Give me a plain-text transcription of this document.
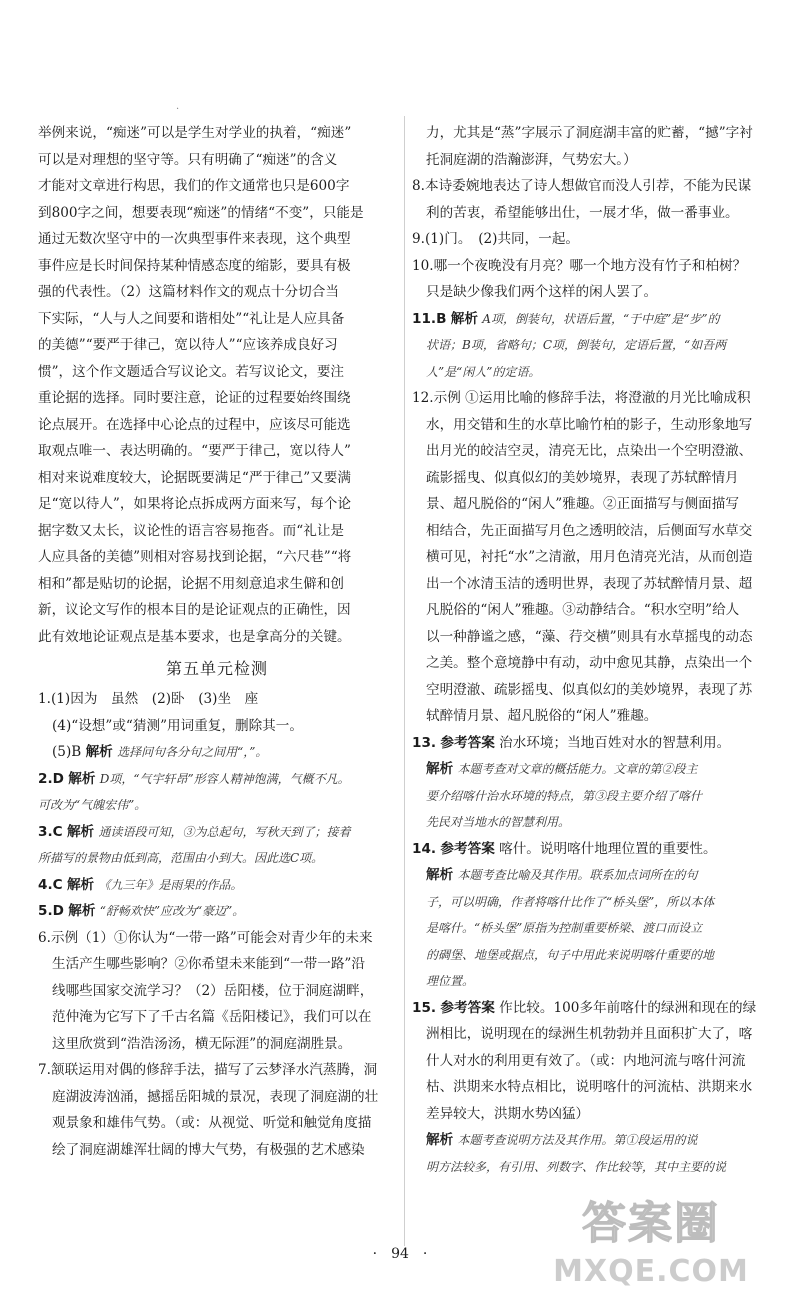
·

举例来说，“痴迷”可以是学生对学业的执着，“痴迷”

可以是对理想的坚守等。只有明确了“痴迷”的含义

才能对文章进行构思，我们的作文通常也只是600字

到800字之间，想要表现“痴迷”的情绪“不变”，只能是

通过无数次坚守中的一次典型事件来表现，这个典型

事件应是长时间保持某种情感态度的缩影，要具有极

强的代表性。（2）这篇材料作文的观点十分切合当

下实际，“人与人之间要和谐相处”“礼让是人应具备

的美德”“要严于律己，宽以待人”“应该养成良好习

惯”，这个作文题适合写议论文。若写议论文，要注

重论据的选择。同时要注意，论证的过程要始终围绕

论点展开。在选择中心论点的过程中，应该尽可能选

取观点唯一、表达明确的。“要严于律己，宽以待人”

相对来说难度较大，论据既要满足“严于律己”又要满

足“宽以待人”，如果将论点拆成两方面来写，每个论

据字数又太长，议论性的语言容易拖沓。而“礼让是

人应具备的美德”则相对容易找到论据，“六尺巷”“将

相和”都是贴切的论据，论据不用刻意追求生僻和创

新，议论文写作的根本目的是论证观点的正确性，因

此有效地论证观点是基本要求，也是拿高分的关键。

第五单元检测

1.(1)因为　虽然　(2)卧　(3)坐　座

(4)“设想”或“猜测”用词重复，删除其一。

(5)B 解析 选择问句各分句之间用“，”。

2.D 解析 D项，“气宇轩昂”形容人精神饱满，气概不凡。

可改为“气魄宏伟”。

3.C 解析 通读语段可知，③为总起句，写秋天到了；接着

所描写的景物由低到高，范围由小到大。因此选C项。

4.C 解析 《九三年》是雨果的作品。

5.D 解析 “舒畅欢快”应改为“豪迈”。

6.示例（1）①你认为“一带一路”可能会对青少年的未来

生活产生哪些影响？②你希望未来能到“一带一路”沿

线哪些国家交流学习？（2）岳阳楼，位于洞庭湖畔，

范仲淹为它写下了千古名篇《岳阳楼记》，我们可以在

这里欣赏到“浩浩汤汤，横无际涯”的洞庭湖胜景。

7.颔联运用对偶的修辞手法，描写了云梦泽水汽蒸腾，洞

庭湖波涛汹涌，撼摇岳阳城的景况，表现了洞庭湖的壮

观景象和雄伟气势。（或：从视觉、听觉和触觉角度描

绘了洞庭湖雄浑壮阔的博大气势，有极强的艺术感染

力，尤其是“蒸”字展示了洞庭湖丰富的贮蓄，“撼”字衬

托洞庭湖的浩瀚澎湃，气势宏大。）

8.本诗委婉地表达了诗人想做官而没人引荐，不能为民谋

利的苦衷，希望能够出仕，一展才华，做一番事业。

9.(1)门。　(2)共同，一起。

10.哪一个夜晚没有月亮？哪一个地方没有竹子和柏树？

只是缺少像我们两个这样的闲人罢了。

11.B 解析 A项，倒装句，状语后置，“于中庭”是“步”的

状语；B项，省略句；C项，倒装句，定语后置，“如吾两

人”是“闲人”的定语。

12.示例 ①运用比喻的修辞手法，将澄澈的月光比喻成积

水，用交错和生的水草比喻竹柏的影子，生动形象地写

出月光的皎洁空灵，清亮无比，点染出一个空明澄澈、

疏影摇曳、似真似幻的美妙境界，表现了苏轼醉情月

景、超凡脱俗的“闲人”雅趣。②正面描写与侧面描写

相结合，先正面描写月色之透明皎洁，后侧面写水草交

横可见，衬托“水”之清澈，用月色清亮光洁，从而创造

出一个冰清玉洁的透明世界，表现了苏轼醉情月景、超

凡脱俗的“闲人”雅趣。③动静结合。“积水空明”给人

以一种静谧之感，“藻、荇交横”则具有水草摇曳的动态

之美。整个意境静中有动，动中愈见其静，点染出一个

空明澄澈、疏影摇曳、似真似幻的美妙境界，表现了苏

轼醉情月景、超凡脱俗的“闲人”雅趣。

13. 参考答案 治水环境；当地百姓对水的智慧利用。

解析 本题考查对文章的概括能力。文章的第②段主

要介绍喀什治水环境的特点，第③段主要介绍了喀什

先民对当地水的智慧利用。

14. 参考答案 喀什。说明喀什地理位置的重要性。

解析 本题考查比喻及其作用。联系加点词所在的句

子，可以明确，作者将喀什比作了“桥头堡”，所以本体

是喀什。“桥头堡”原指为控制重要桥梁、渡口而设立

的碉堡、地堡或据点，句子中用此来说明喀什重要的地

理位置。

15. 参考答案 作比较。100多年前喀什的绿洲和现在的绿

洲相比，说明现在的绿洲生机勃勃并且面积扩大了，喀

什人对水的利用更有效了。（或：内地河流与喀什河流

枯、洪期来水特点相比，说明喀什的河流枯、洪期来水

差异较大，洪期水势凶猛）

解析 本题考查说明方法及其作用。第①段运用的说

明方法较多，有引用、列数字、作比较等，其中主要的说

·　94　·
答案圈
MXQE.COM
